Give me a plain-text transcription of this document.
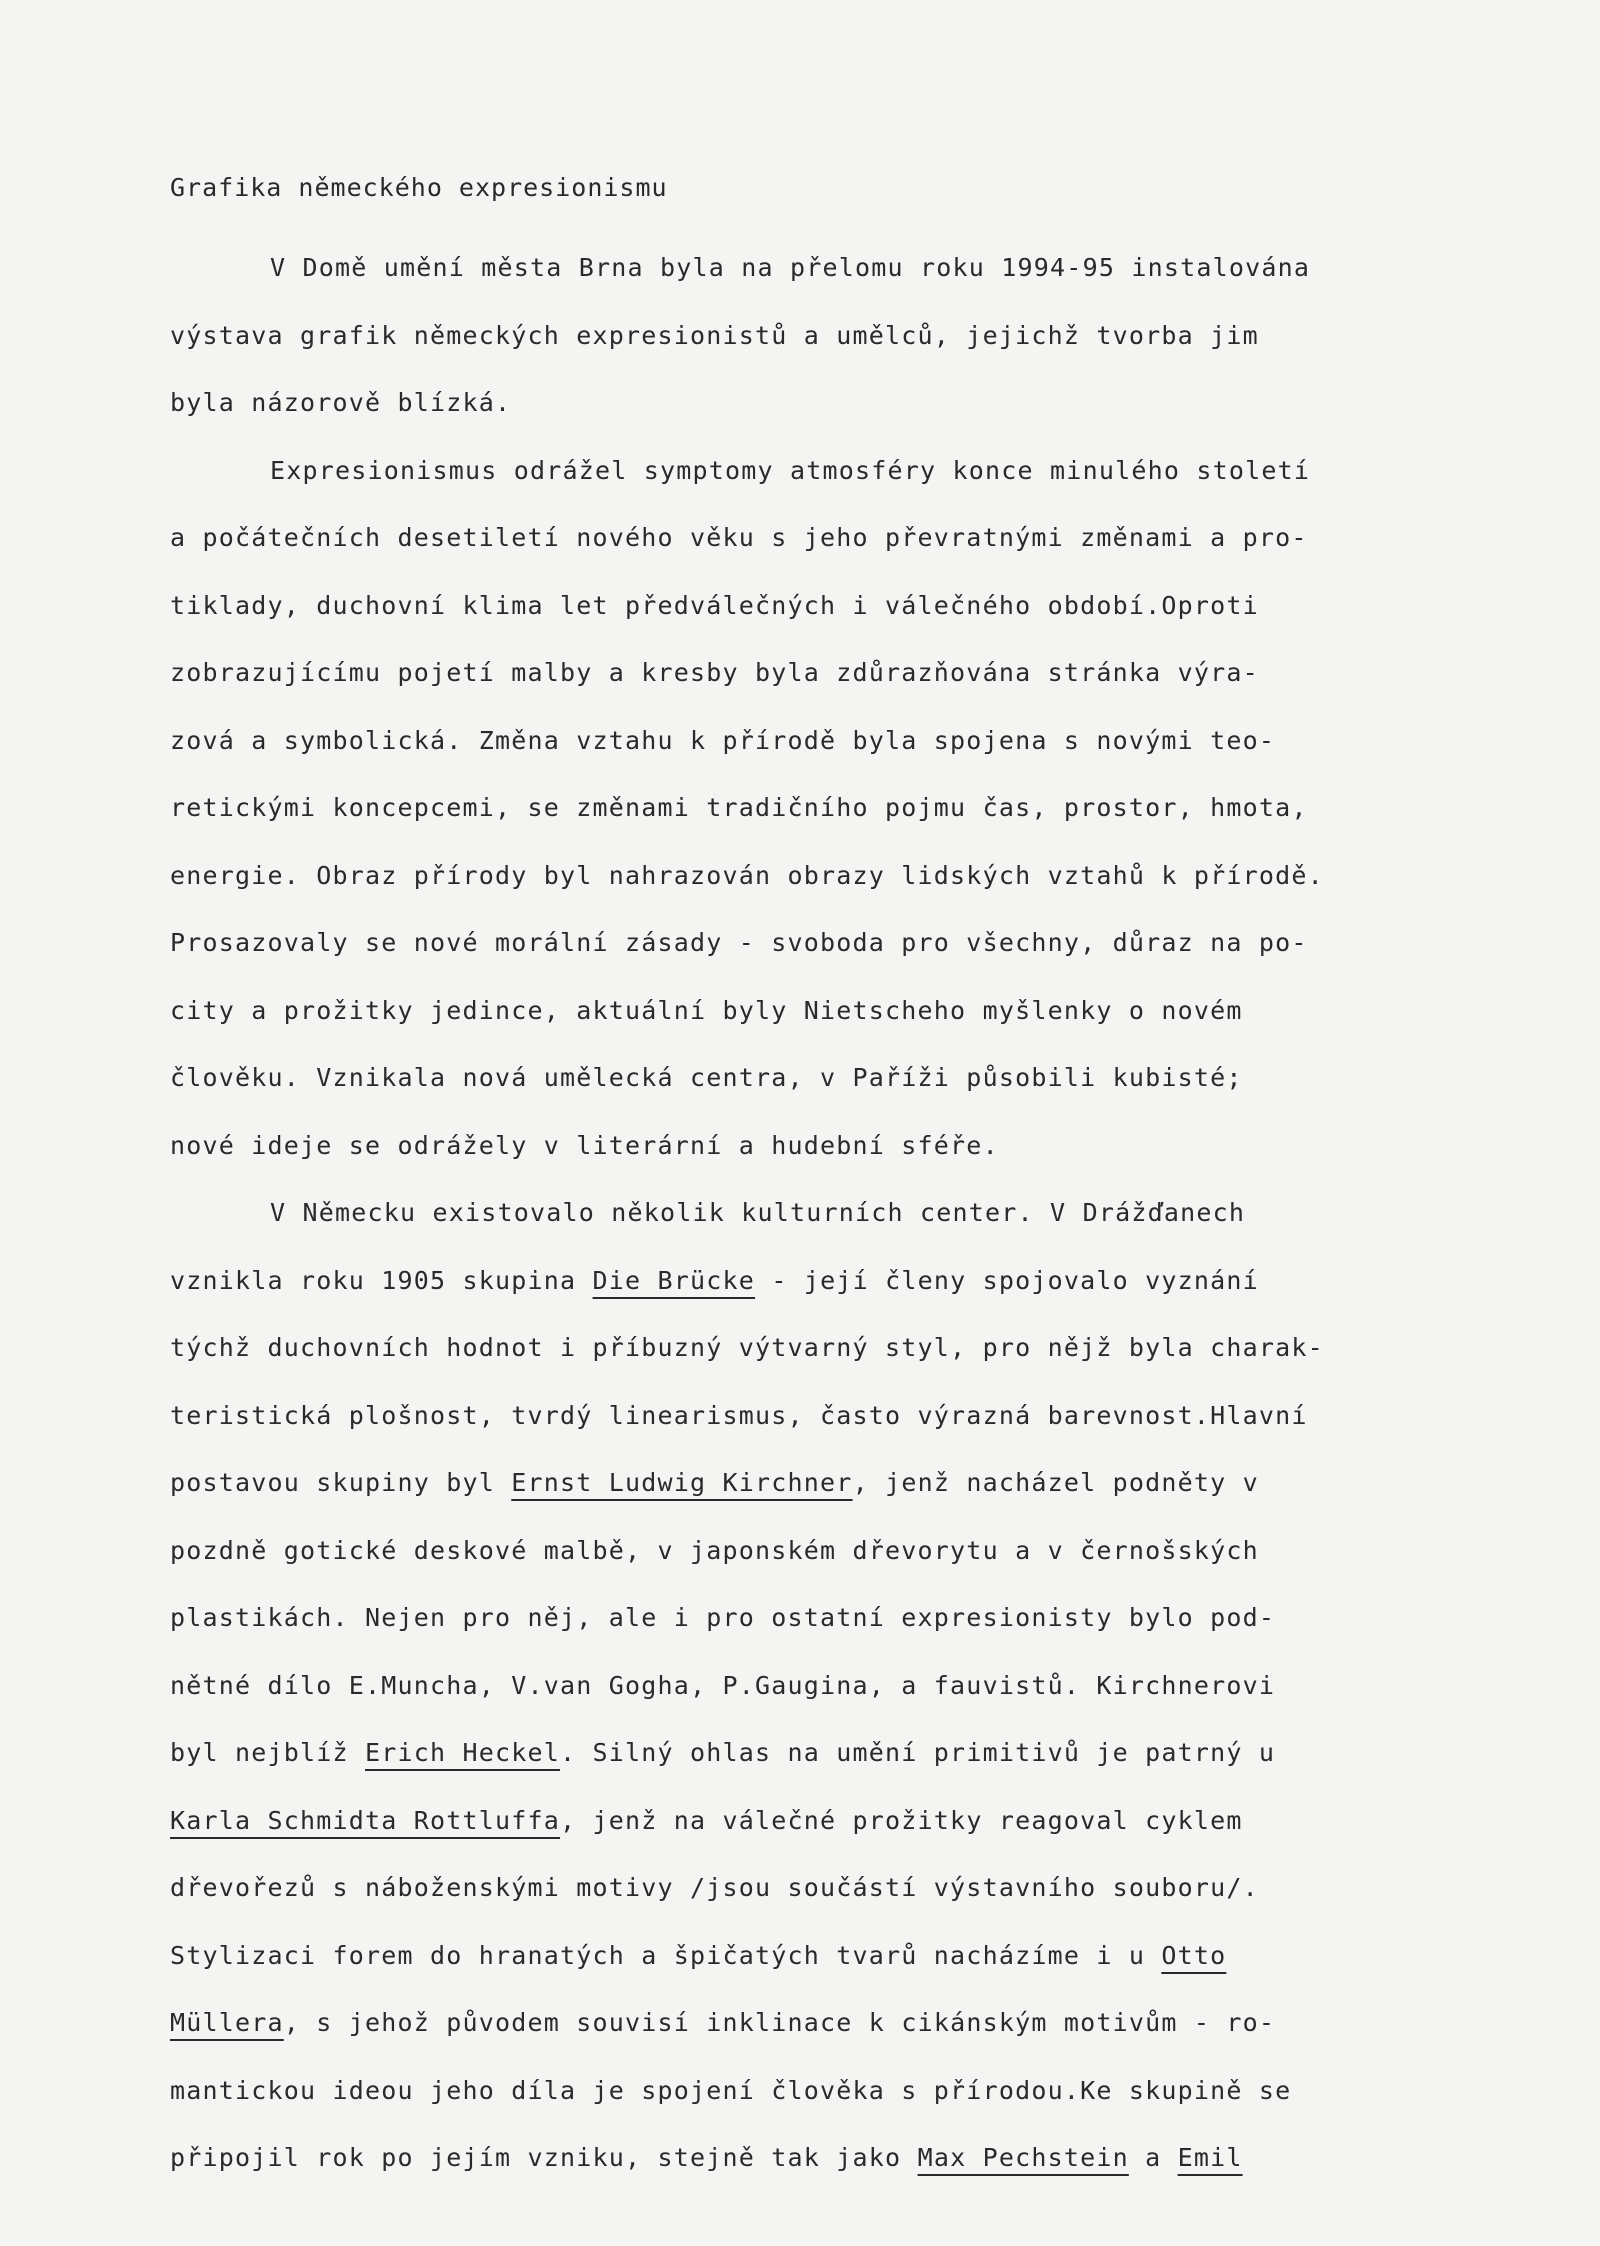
Grafika německého expresionismu
V Domě umění města Brna byla na přelomu roku 1994-95 instalována
výstava grafik německých expresionistů a umělců, jejichž tvorba jim
byla názorově blízká.
Expresionismus odrážel symptomy atmosféry konce minulého století
a počátečních desetiletí nového věku s jeho převratnými změnami a pro-
tiklady, duchovní klima let předválečných i válečného období.Oproti
zobrazujícímu pojetí malby a kresby byla zdůrazňována stránka výra-
zová a symbolická. Změna vztahu k přírodě byla spojena s novými teo-
retickými koncepcemi, se změnami tradičního pojmu čas, prostor, hmota,
energie. Obraz přírody byl nahrazován obrazy lidských vztahů k přírodě.
Prosazovaly se nové morální zásady - svoboda pro všechny, důraz na po-
city a prožitky jedince, aktuální byly Nietscheho myšlenky o novém
člověku. Vznikala nová umělecká centra, v Paříži působili kubisté;
nové ideje se odrážely v literární a hudební sféře.
V Německu existovalo několik kulturních center. V Drážďanech
vznikla roku 1905 skupina Die Brücke - její členy spojovalo vyznání
týchž duchovních hodnot i příbuzný výtvarný styl, pro nějž byla charak-
teristická plošnost, tvrdý linearismus, často výrazná barevnost.Hlavní
postavou skupiny byl Ernst Ludwig Kirchner, jenž nacházel podněty v
pozdně gotické deskové malbě, v japonském dřevorytu a v černošských
plastikách. Nejen pro něj, ale i pro ostatní expresionisty bylo pod-
nětné dílo E.Muncha, V.van Gogha, P.Gaugina, a fauvistů. Kirchnerovi
byl nejblíž Erich Heckel. Silný ohlas na umění primitivů je patrný u
Karla Schmidta Rottluffa, jenž na válečné prožitky reagoval cyklem
dřevořezů s náboženskými motivy /jsou součástí výstavního souboru/.
Stylizaci forem do hranatých a špičatých tvarů nacházíme i u Otto
Müllera, s jehož původem souvisí inklinace k cikánským motivům - ro-
mantickou ideou jeho díla je spojení člověka s přírodou.Ke skupině se
připojil rok po jejím vzniku, stejně tak jako Max Pechstein a Emil
